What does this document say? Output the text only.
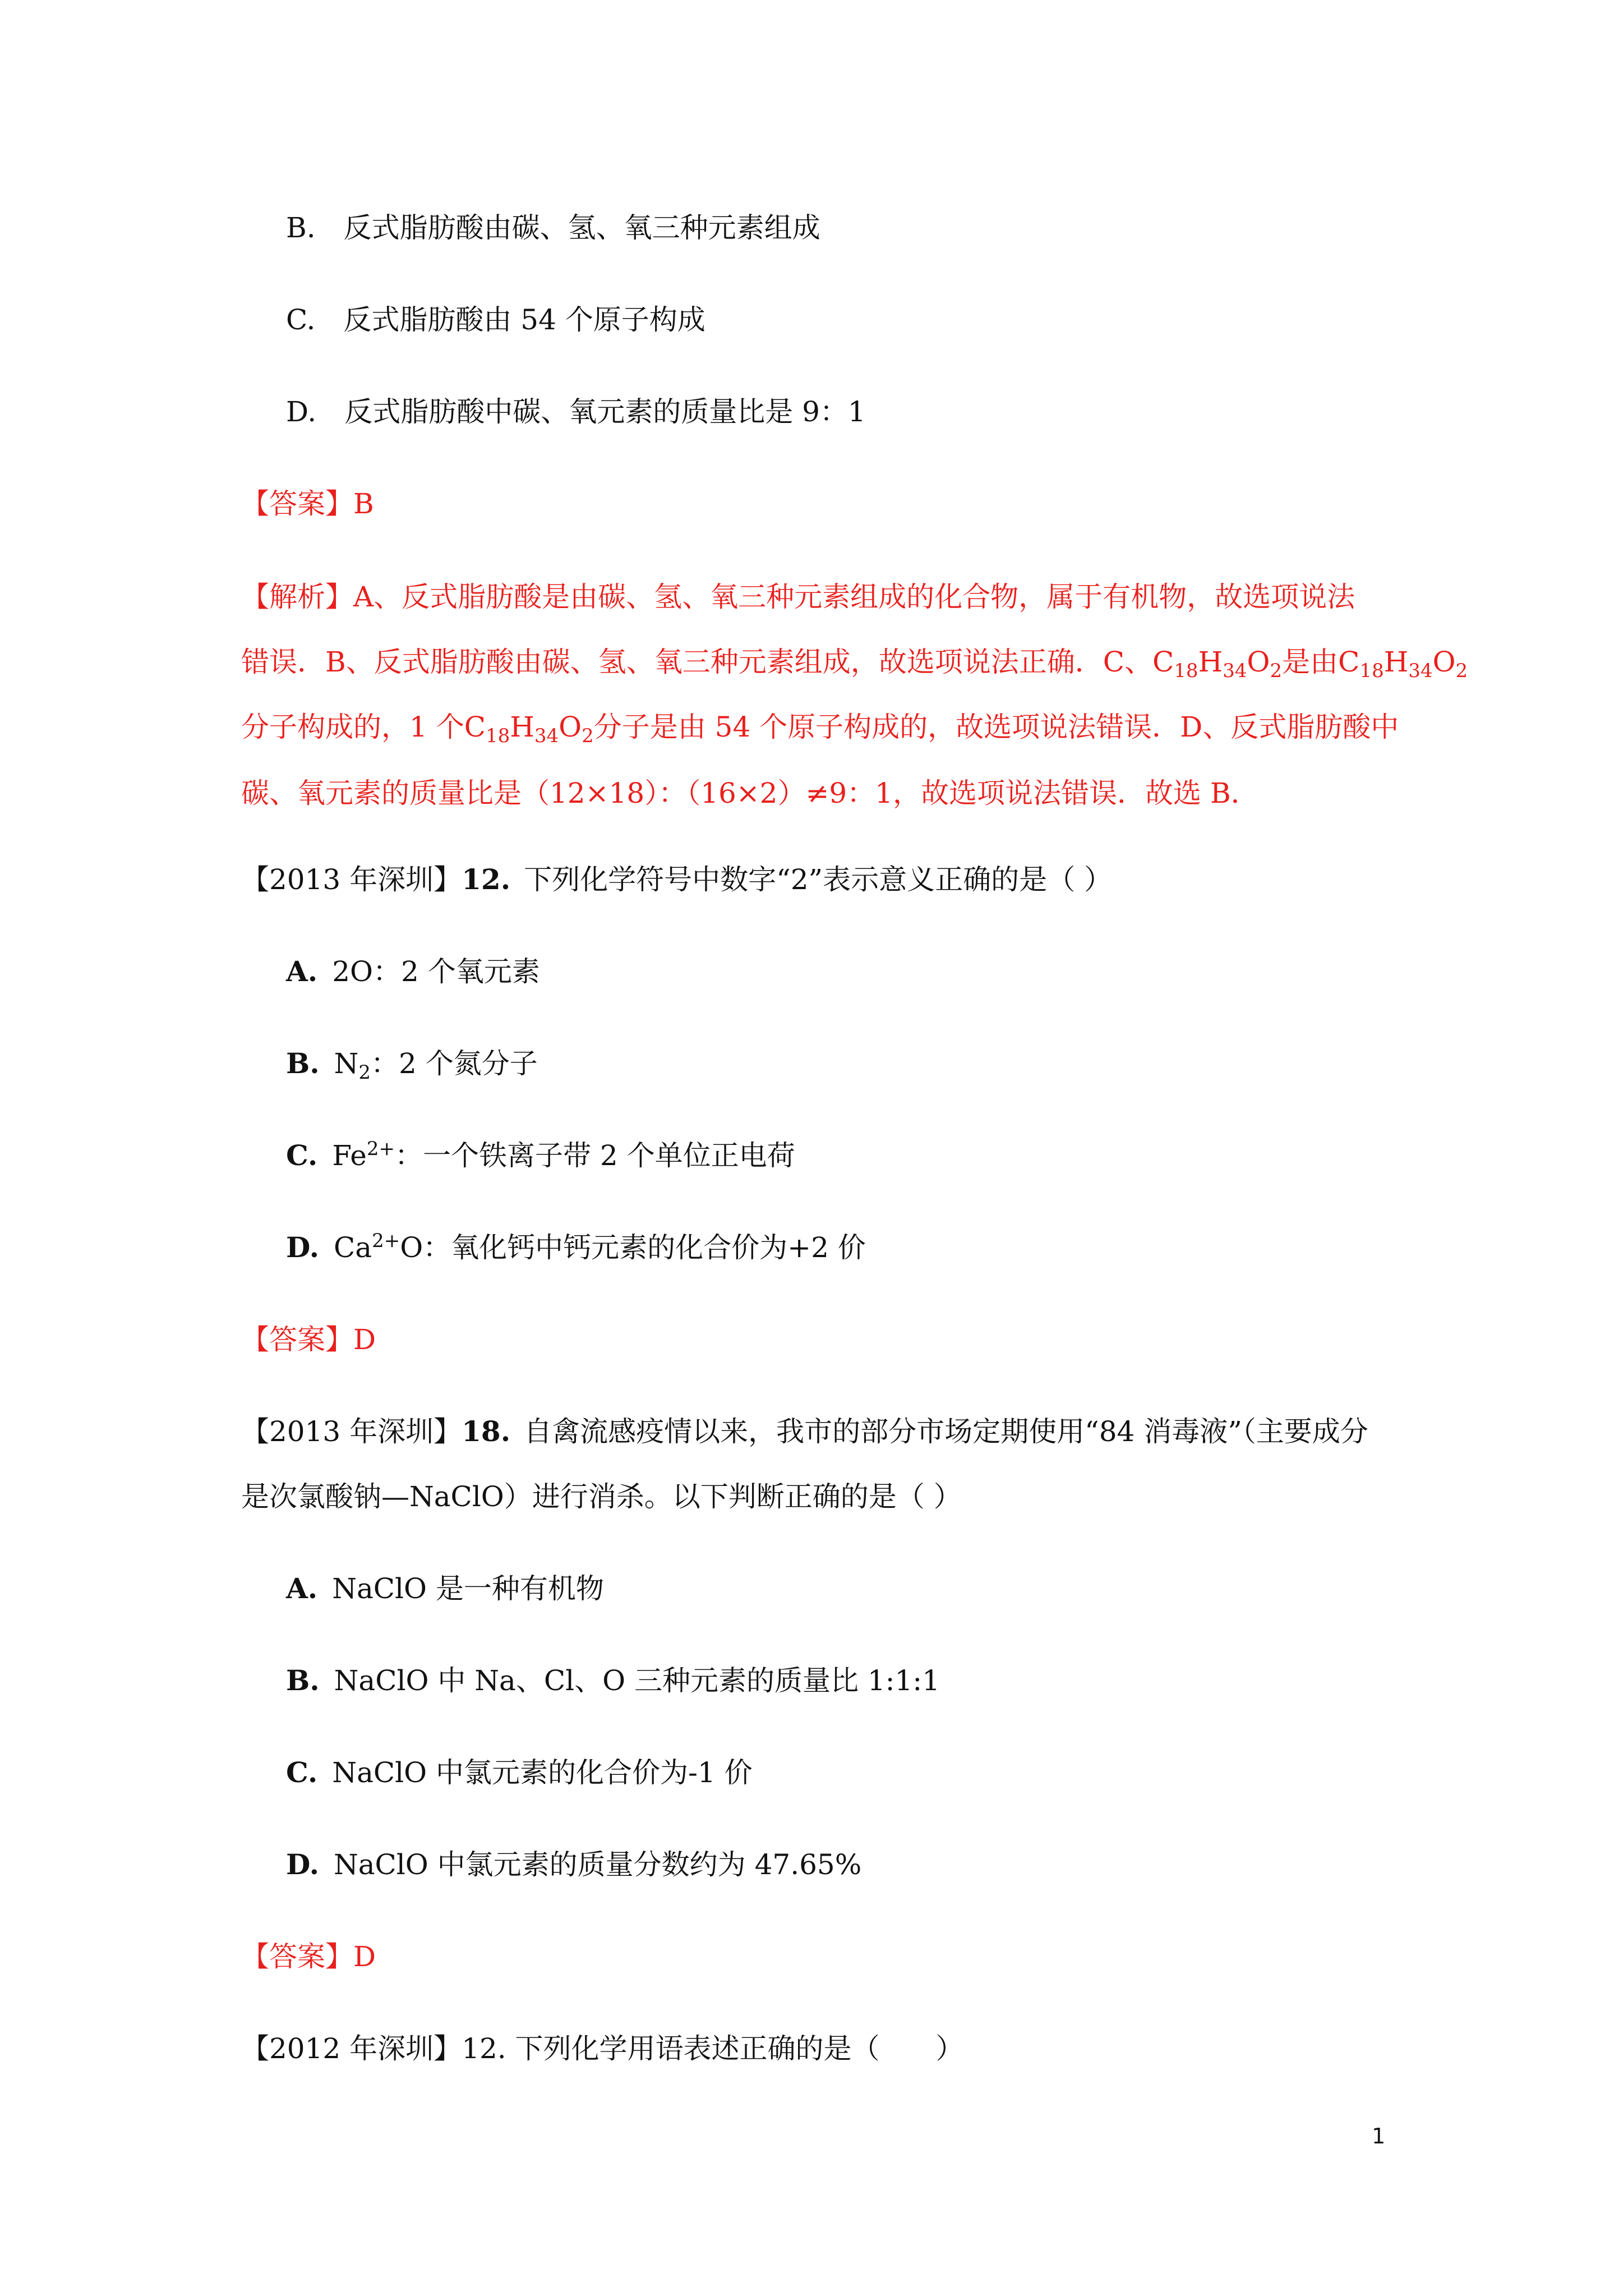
B. 反式脂肪酸由碳、氢、氧三种元素组成
C. 反式脂肪酸由 54 个原子构成
D. 反式脂肪酸中碳、氧元素的质量比是 9：1
【答案】B
【解析】A、反式脂肪酸是由碳、氢、氧三种元素组成的化合物，属于有机物，故选项说法
错误．B、反式脂肪酸由碳、氢、氧三种元素组成，故选项说法正确．C、$C_{18}H_{34}O_2$是由$C_{18}H_{34}O_2$
分子构成的，1 个$C_{18}H_{34}O_2$分子是由 54 个原子构成的，故选项说法错误．D、反式脂肪酸中
碳、氧元素的质量比是（12×18）：（16×2）≠9：1，故选项说法错误．故选 B．
【2013 年深圳】12. 下列化学符号中数字“2”表示意义正确的是（ ）
A. 2O：2 个氧元素
B. $N_2$：2 个氮分子
C. $Fe^{2+}$：一个铁离子带 2 个单位正电荷
D. $Ca^{2+}O$：氧化钙中钙元素的化合价为+2 价
【答案】D
【2013 年深圳】18. 自禽流感疫情以来，我市的部分市场定期使用“84 消毒液”（主要成分
是次氯酸钠—NaClO）进行消杀。以下判断正确的是（ ）
A. NaClO 是一种有机物
B. NaClO 中 Na、Cl、O 三种元素的质量比 1:1:1
C. NaClO 中氯元素的化合价为-1 价
D. NaClO 中氯元素的质量分数约为 47.65%
【答案】D
【2012 年深圳】12. 下列化学用语表述正确的是（　　）
1
